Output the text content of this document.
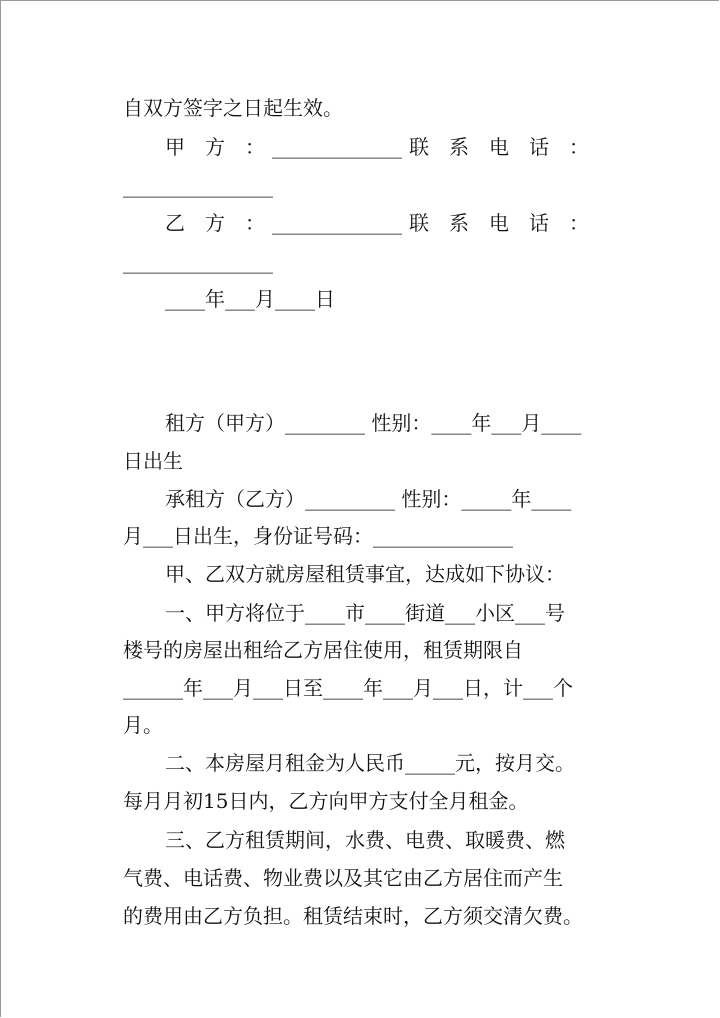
自双方签字之日起生效。
甲　方　： _____________ 联　系　电　话　：
_______________
乙　方　： _____________ 联　系　电　话　：
_______________
____年___月____日
租方（甲方）________ 性别：____年___月____
日出生
承租方（乙方）_________ 性别：_____年____
月___日出生，身份证号码：______________
甲、乙双方就房屋租赁事宜，达成如下协议：
一、甲方将位于____市____街道___小区___号
楼号的房屋出租给乙方居住使用，租赁期限自
______年___月___日至____年___月___日，计___个
月。
二、本房屋月租金为人民币_____元，按月交。
每月月初15日内，乙方向甲方支付全月租金。
三、乙方租赁期间，水费、电费、取暖费、燃
气费、电话费、物业费以及其它由乙方居住而产生
的费用由乙方负担。租赁结束时，乙方须交清欠费。
